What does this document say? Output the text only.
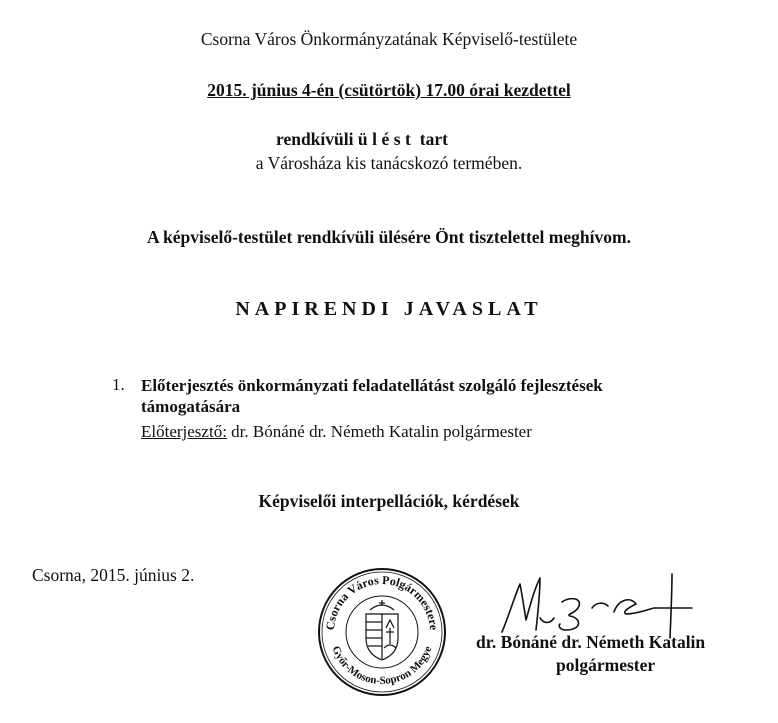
Csorna Város Önkormányzatának Képviselő-testülete
2015. június 4-én (csütörtök) 17.00 órai kezdettel
rendkívüli ülést tart
a Városháza kis tanácskozó termében.
A képviselő-testület rendkívüli ülésére Önt tisztelettel meghívom.
NAPIRENDI JAVASLAT
1. Előterjesztés önkormányzati feladatellátást szolgáló fejlesztések támogatására
Előterjesztő: dr. Bónáné dr. Németh Katalin polgármester
Képviselői interpellációk, kérdések
Csorna, 2015. június 2.
Csorna Város Polgármestere
Győr-Moson-Sopron Megye dr. Bónáné dr. Németh Katalin
polgármester
